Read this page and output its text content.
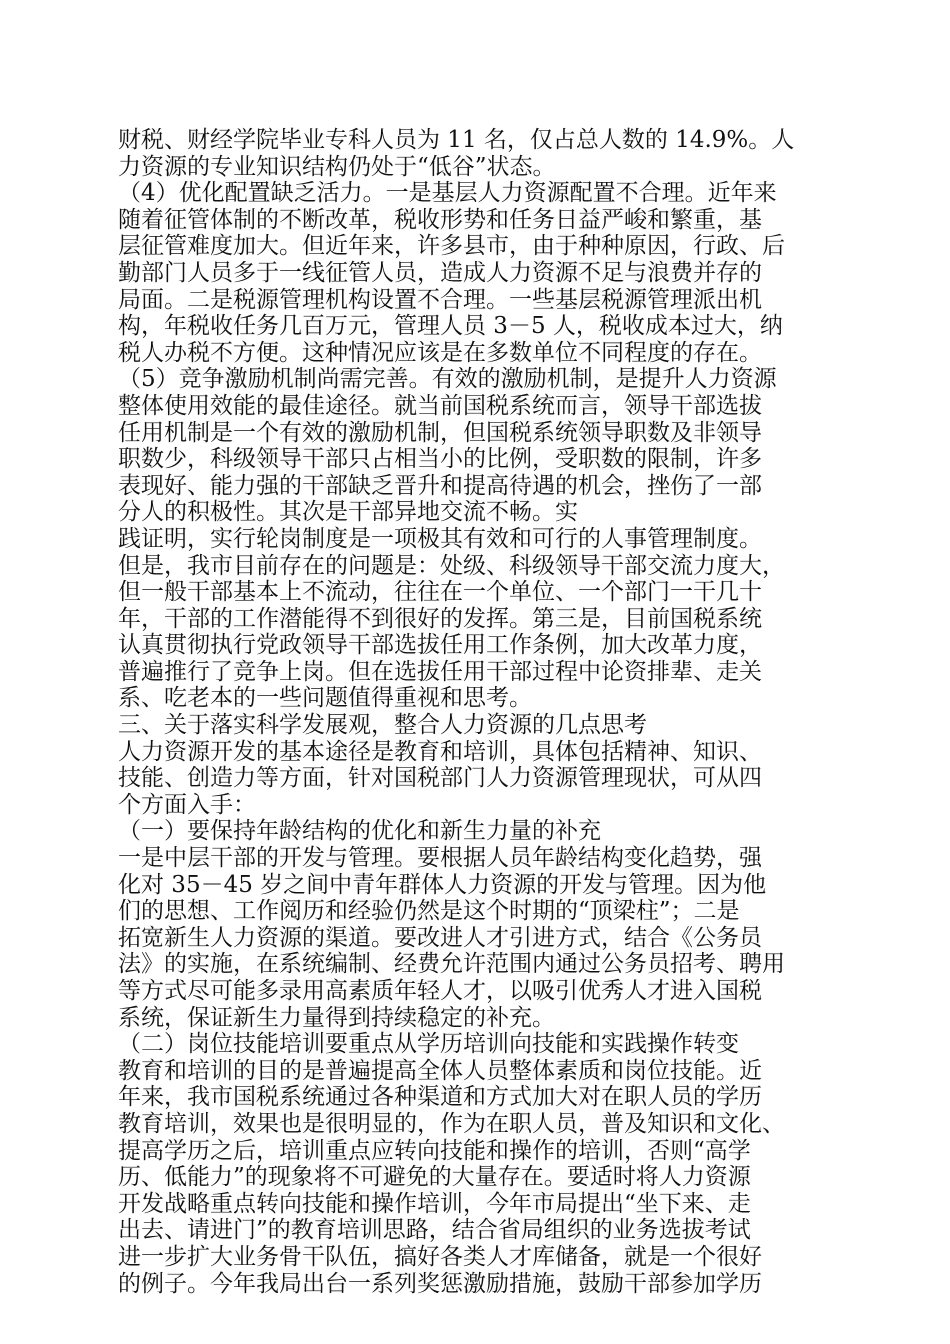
财税、财经学院毕业专科人员为 11 名，仅占总人数的 14.9%。人
力资源的专业知识结构仍处于“低谷”状态。
（4）优化配置缺乏活力。一是基层人力资源配置不合理。近年来
随着征管体制的不断改革，税收形势和任务日益严峻和繁重，基
层征管难度加大。但近年来，许多县市，由于种种原因，行政、后
勤部门人员多于一线征管人员，造成人力资源不足与浪费并存的
局面。二是税源管理机构设置不合理。一些基层税源管理派出机
构，年税收任务几百万元，管理人员 3－5 人，税收成本过大，纳
税人办税不方便。这种情况应该是在多数单位不同程度的存在。
（5）竞争激励机制尚需完善。有效的激励机制，是提升人力资源
整体使用效能的最佳途径。就当前国税系统而言，领导干部选拔
任用机制是一个有效的激励机制，但国税系统领导职数及非领导
职数少，科级领导干部只占相当小的比例，受职数的限制，许多
表现好、能力强的干部缺乏晋升和提高待遇的机会，挫伤了一部
分人的积极性。其次是干部异地交流不畅。实
践证明，实行轮岗制度是一项极其有效和可行的人事管理制度。
但是，我市目前存在的问题是：处级、科级领导干部交流力度大，
但一般干部基本上不流动，往往在一个单位、一个部门一干几十
年，干部的工作潜能得不到很好的发挥。第三是，目前国税系统
认真贯彻执行党政领导干部选拔任用工作条例，加大改革力度，
普遍推行了竞争上岗。但在选拔任用干部过程中论资排辈、走关
系、吃老本的一些问题值得重视和思考。
三、关于落实科学发展观，整合人力资源的几点思考
人力资源开发的基本途径是教育和培训，具体包括精神、知识、
技能、创造力等方面，针对国税部门人力资源管理现状，可从四
个方面入手：
（一）要保持年龄结构的优化和新生力量的补充
一是中层干部的开发与管理。要根据人员年龄结构变化趋势，强
化对 35－45 岁之间中青年群体人力资源的开发与管理。因为他
们的思想、工作阅历和经验仍然是这个时期的“顶梁柱”；二是
拓宽新生人力资源的渠道。要改进人才引进方式，结合《公务员
法》的实施，在系统编制、经费允许范围内通过公务员招考、聘用
等方式尽可能多录用高素质年轻人才，以吸引优秀人才进入国税
系统，保证新生力量得到持续稳定的补充。
（二）岗位技能培训要重点从学历培训向技能和实践操作转变
教育和培训的目的是普遍提高全体人员整体素质和岗位技能。近
年来，我市国税系统通过各种渠道和方式加大对在职人员的学历
教育培训，效果也是很明显的，作为在职人员，普及知识和文化、
提高学历之后，培训重点应转向技能和操作的培训，否则“高学
历、低能力”的现象将不可避免的大量存在。要适时将人力资源
开发战略重点转向技能和操作培训，今年市局提出“坐下来、走
出去、请进门”的教育培训思路，结合省局组织的业务选拔考试
进一步扩大业务骨干队伍，搞好各类人才库储备，就是一个很好
的例子。今年我局出台一系列奖惩激励措施，鼓励干部参加学历
